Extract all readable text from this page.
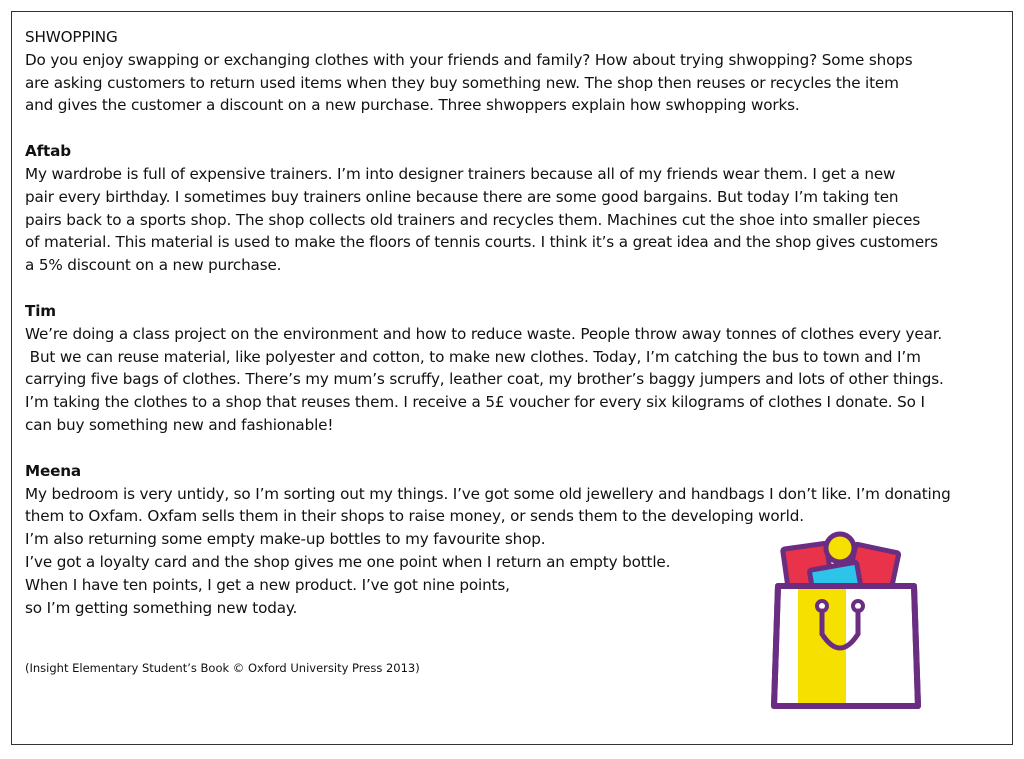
SHWOPPING

Do you enjoy swapping or exchanging clothes with your friends and family? How about trying shwopping? Some shops

are asking customers to return used items when they buy something new. The shop then reuses or recycles the item

and gives the customer a discount on a new purchase. Three shwoppers explain how swhopping works.

Aftab

My wardrobe is full of expensive trainers. I’m into designer trainers because all of my friends wear them. I get a new

pair every birthday. I sometimes buy trainers online because there are some good bargains. But today I’m taking ten

pairs back to a sports shop. The shop collects old trainers and recycles them. Machines cut the shoe into smaller pieces

of material. This material is used to make the floors of tennis courts. I think it’s a great idea and the shop gives customers

a 5% discount on a new purchase.

Tim

We’re doing a class project on the environment and how to reduce waste. People throw away tonnes of clothes every year.

But we can reuse material, like polyester and cotton, to make new clothes. Today, I’m catching the bus to town and I’m

carrying five bags of clothes. There’s my mum’s scruffy, leather coat, my brother’s baggy jumpers and lots of other things.

I’m taking the clothes to a shop that reuses them. I receive a 5£ voucher for every six kilograms of clothes I donate. So I

can buy something new and fashionable!

Meena

My bedroom is very untidy, so I’m sorting out my things. I’ve got some old jewellery and handbags I don’t like. I’m donating

them to Oxfam. Oxfam sells them in their shops to raise money, or sends them to the developing world.

I’m also returning some empty make-up bottles to my favourite shop.

I’ve got a loyalty card and the shop gives me one point when I return an empty bottle.

When I have ten points, I get a new product. I’ve got nine points,

so I’m getting something new today.

(Insight Elementary Student’s Book © Oxford University Press 2013)
